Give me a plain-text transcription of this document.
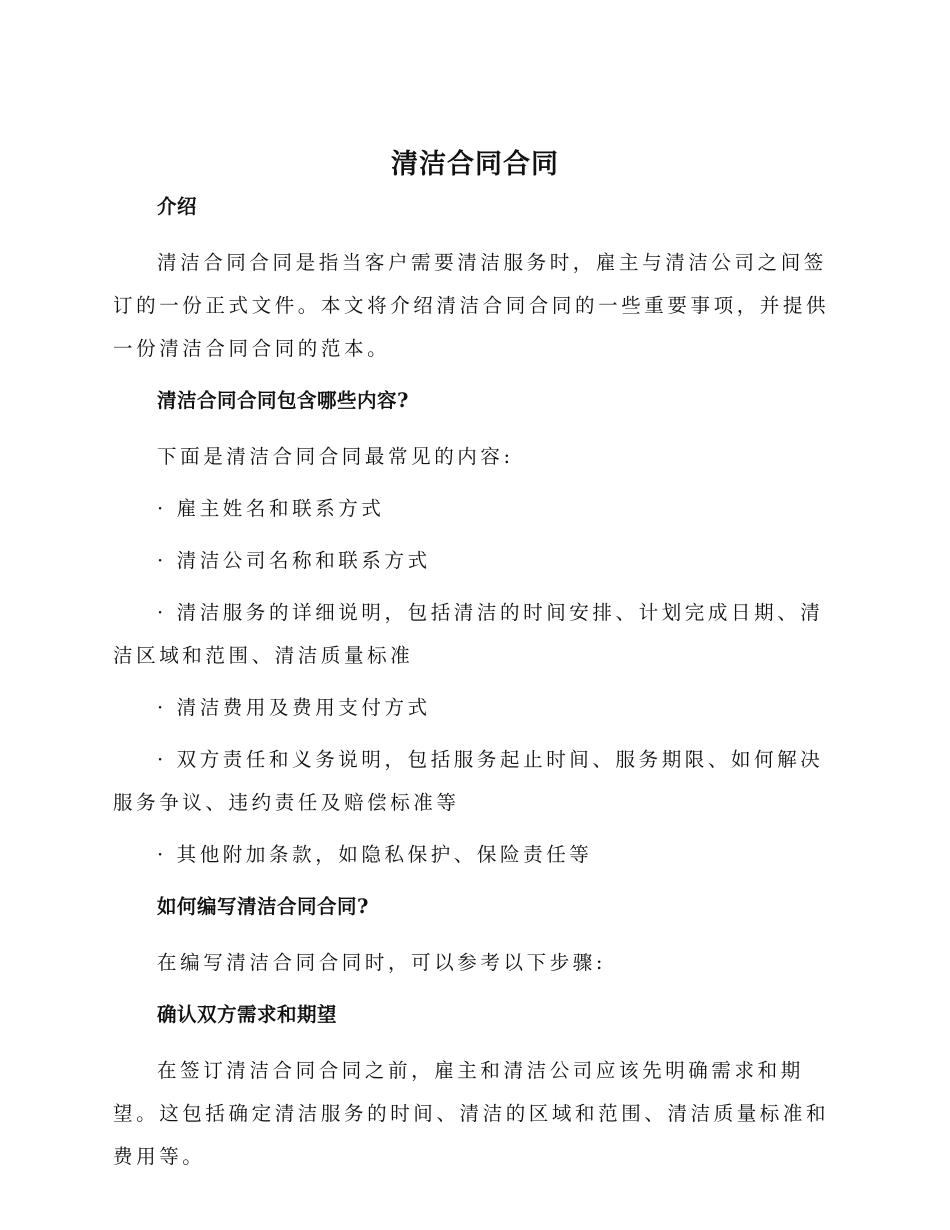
清洁合同合同
介绍

清洁合同合同是指当客户需要清洁服务时，雇主与清洁公司之间签订的一份正式文件。本文将介绍清洁合同合同的一些重要事项，并提供一份清洁合同合同的范本。

清洁合同合同包含哪些内容?

下面是清洁合同合同最常见的内容:

· 雇主姓名和联系方式

· 清洁公司名称和联系方式

· 清洁服务的详细说明，包括清洁的时间安排、计划完成日期、清洁区域和范围、清洁质量标准

· 清洁费用及费用支付方式

· 双方责任和义务说明，包括服务起止时间、服务期限、如何解决服务争议、违约责任及赔偿标准等

· 其他附加条款，如隐私保护、保险责任等

如何编写清洁合同合同?

在编写清洁合同合同时，可以参考以下步骤:

确认双方需求和期望

在签订清洁合同合同之前，雇主和清洁公司应该先明确需求和期望。这包括确定清洁服务的时间、清洁的区域和范围、清洁质量标准和费用等。
